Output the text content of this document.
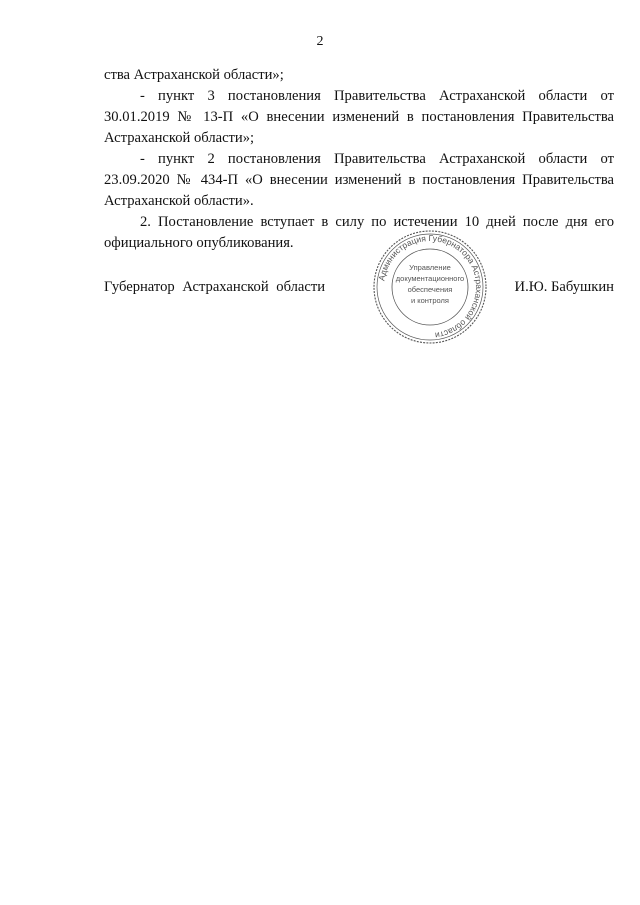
2

ства Астраханской области»;

- пункт 3 постановления Правительства Астраханской области от 30.01.2019 № 13-П «О внесении изменений в постановления Правительства Астраханской области»;

- пункт 2 постановления Правительства Астраханской области от 23.09.2020 № 434-П «О внесении изменений в постановления Правительства Астраханской области».

2. Постановление вступает в силу по истечении 10 дней после дня его официального опубликования.

Губернатор Астраханской области	И.Ю. Бабушкин
Администрация Губернатора Астраханской области
Управление
документационного
обеспечения
и контроля
